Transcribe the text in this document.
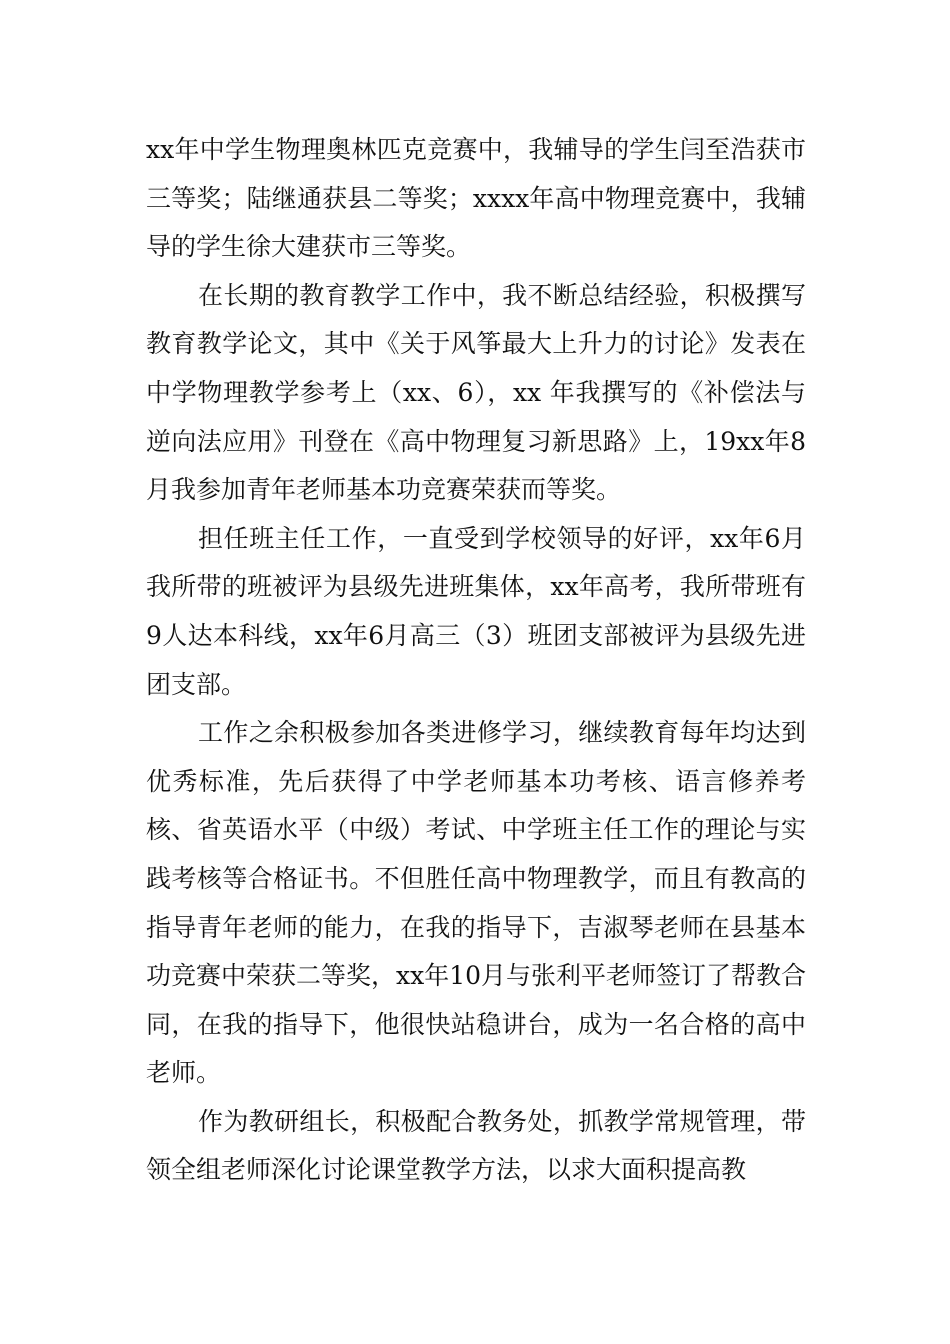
xx年中学生物理奥林匹克竞赛中，我辅导的学生闫至浩获市三等奖；陆继通获县二等奖；xxxx年高中物理竞赛中，我辅导的学生徐大建获市三等奖。

在长期的教育教学工作中，我不断总结经验，积极撰写教育教学论文，其中《关于风筝最大上升力的讨论》发表在中学物理教学参考上（xx、6），xx 年我撰写的《补偿法与逆向法应用》刊登在《高中物理复习新思路》上，19xx年8月我参加青年老师基本功竞赛荣获而等奖。

担任班主任工作，一直受到学校领导的好评，xx年6月我所带的班被评为县级先进班集体，xx年高考，我所带班有9人达本科线，xx年6月高三（3）班团支部被评为县级先进团支部。

工作之余积极参加各类进修学习，继续教育每年均达到优秀标准，先后获得了中学老师基本功考核、语言修养考核、省英语水平（中级）考试、中学班主任工作的理论与实践考核等合格证书。不但胜任高中物理教学，而且有教高的指导青年老师的能力，在我的指导下，吉淑琴老师在县基本功竞赛中荣获二等奖，xx年10月与张利平老师签订了帮教合同，在我的指导下，他很快站稳讲台，成为一名合格的高中老师。

作为教研组长，积极配合教务处，抓教学常规管理，带领全组老师深化讨论课堂教学方法，以求大面积提高教
